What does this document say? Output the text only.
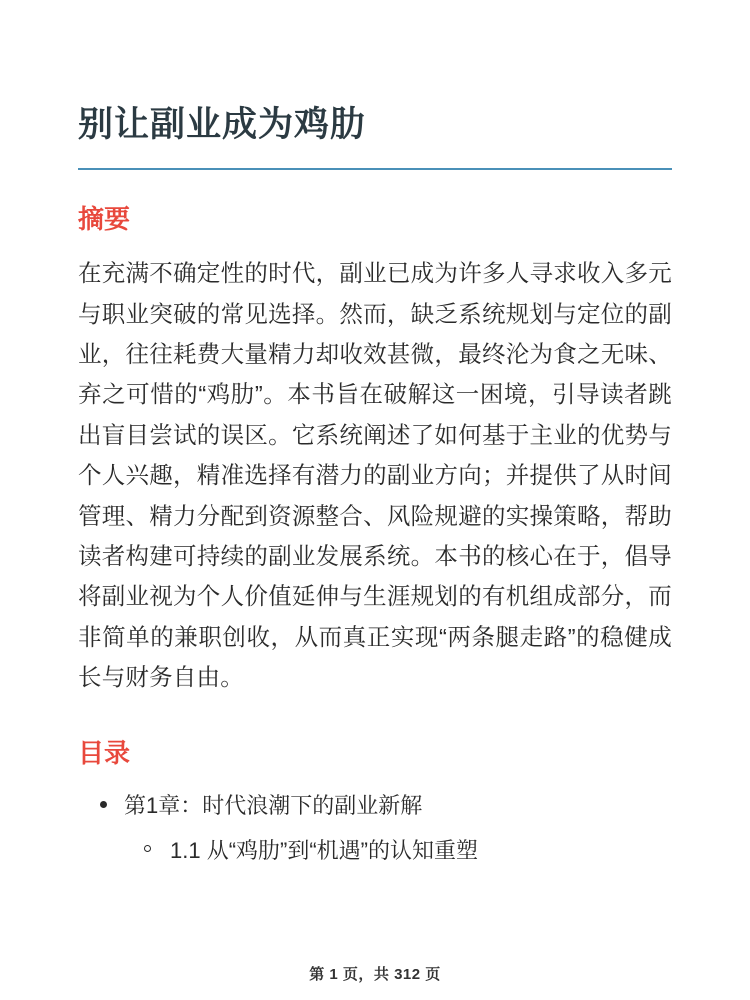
别让副业成为鸡肋
摘要

在充满不确定性的时代，副业已成为许多人寻求收入多元与职业突破的常见选择。然而，缺乏系统规划与定位的副业，往往耗费大量精力却收效甚微，最终沦为食之无味、弃之可惜的“鸡肋”。本书旨在破解这一困境，引导读者跳出盲目尝试的误区。它系统阐述了如何基于主业的优势与个人兴趣，精准选择有潜力的副业方向；并提供了从时间管理、精力分配到资源整合、风险规避的实操策略，帮助读者构建可持续的副业发展系统。本书的核心在于，倡导将副业视为个人价值延伸与生涯规划的有机组成部分，而非简单的兼职创收，从而真正实现“两条腿走路”的稳健成长与财务自由。

目录
第1章：时代浪潮下的副业新解
1.1 从“鸡肋”到“机遇”的认知重塑
第 1 页，共 312 页
